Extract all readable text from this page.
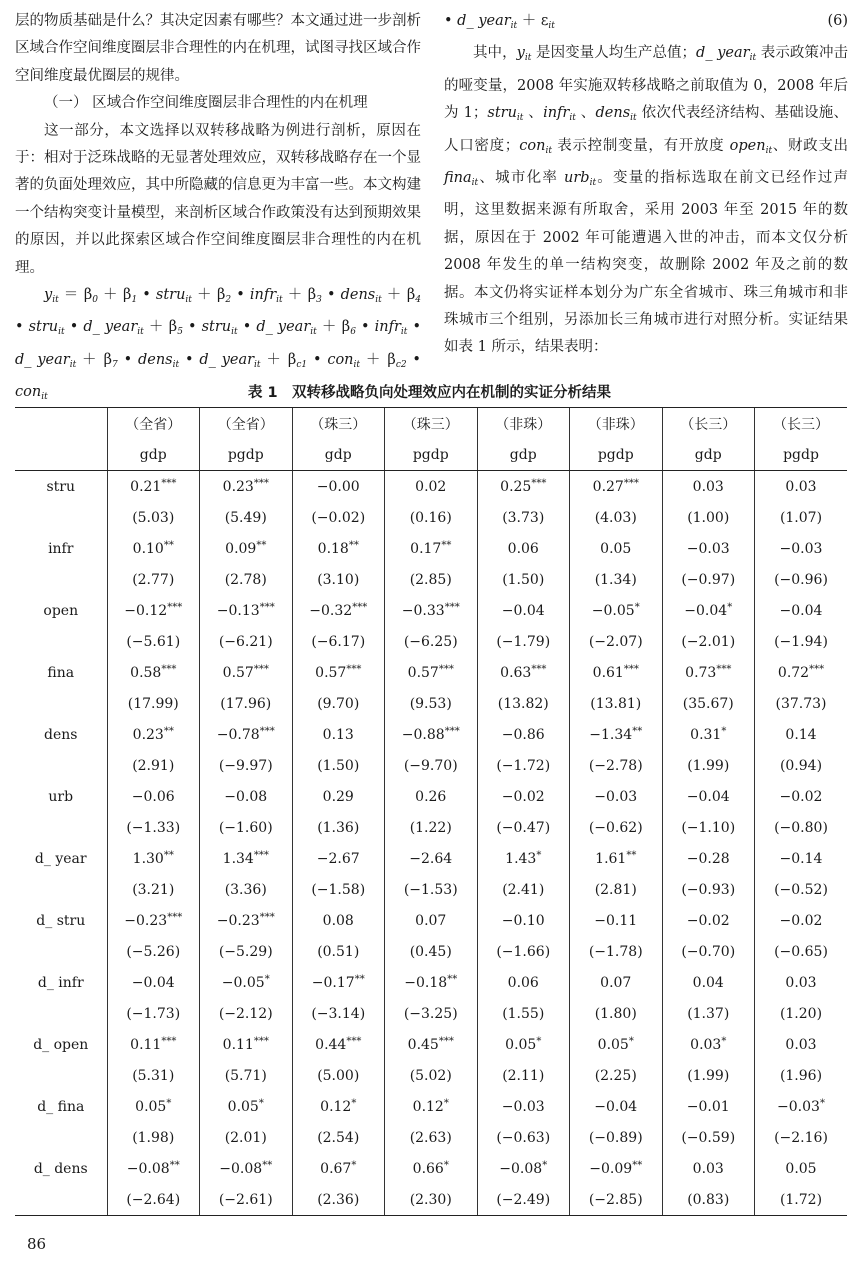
层的物质基础是什么？其决定因素有哪些？本文通过进一步剖析区域合作空间维度圈层非合理性的内在机理，试图寻找区域合作空间维度最优圈层的规律。

（一） 区域合作空间维度圈层非合理性的内在机理

这一部分，本文选择以双转移战略为例进行剖析，原因在于：相对于泛珠战略的无显著处理效应，双转移战略存在一个显著的负面处理效应，其中所隐藏的信息更为丰富一些。本文构建一个结构突变计量模型，来剖析区域合作政策没有达到预期效果的原因，并以此探索区域合作空间维度圈层非合理性的内在机理。

$y_{it} = \beta_0 + \beta_1$ • stru$_{it}$ ＋ $\beta_2$ • infr$_{it}$ ＋ $\beta_3$ • dens$_{it}$ ＋ $\beta_4$ • stru$_{it}$ • d_ year$_{it}$ ＋ $\beta_5$ • stru$_{it}$ • d_ year$_{it}$ ＋ $\beta_6$ • infr$_{it}$ • d_ year$_{it}$ ＋ $\beta_7$ • dens$_{it}$ • d_ year$_{it}$ ＋ $\beta_{c1}$ • $con_{it} + \beta_{c2}$ • con$_{it}$
• d_ year$_{it}$ ＋ $\varepsilon_{it}$	(6)

其中，$y_{it}$ 是因变量人均生产总值；d_ year$_{it}$ 表示政策冲击的哑变量，2008 年实施双转移战略之前取值为 0，2008 年后为 1；stru$_{it}$ 、infr$_{it}$ 、dens$_{it}$ 依次代表经济结构、基础设施、人口密度；con$_{it}$ 表示控制变量，有开放度 open$_{it}$、财政支出 fina$_{it}$、城市化率 urb$_{it}$。变量的指标选取在前文已经作过声明，这里数据来源有所取舍，采用 2003 年至 2015 年的数据，原因在于 2002 年可能遭遇入世的冲击，而本文仅分析 2008 年发生的单一结构突变，故删除 2002 年及之前的数据。本文仍将实证样本划分为广东全省城市、珠三角城市和非珠城市三个组别，另添加长三角城市进行对照分析。实证结果如表 1 所示，结果表明：

表 1　双转移战略负向处理效应内在机制的实证分析结果
	（全省）	（全省）	（珠三）	（珠三）	（非珠）	（非珠）	（长三）	（长三）
	gdp	pgdp	gdp	pgdp	gdp	pgdp	gdp	pgdp
stru	0.21***	0.23***	−0.00	0.02	0.25***	0.27***	0.03	0.03
	(5.03)	(5.49)	(−0.02)	(0.16)	(3.73)	(4.03)	(1.00)	(1.07)
infr	0.10**	0.09**	0.18**	0.17**	0.06	0.05	−0.03	−0.03
	(2.77)	(2.78)	(3.10)	(2.85)	(1.50)	(1.34)	(−0.97)	(−0.96)
open	−0.12***	−0.13***	−0.32***	−0.33***	−0.04	−0.05*	−0.04*	−0.04
	(−5.61)	(−6.21)	(−6.17)	(−6.25)	(−1.79)	(−2.07)	(−2.01)	(−1.94)
fina	0.58***	0.57***	0.57***	0.57***	0.63***	0.61***	0.73***	0.72***
	(17.99)	(17.96)	(9.70)	(9.53)	(13.82)	(13.81)	(35.67)	(37.73)
dens	0.23**	−0.78***	0.13	−0.88***	−0.86	−1.34**	0.31*	0.14
	(2.91)	(−9.97)	(1.50)	(−9.70)	(−1.72)	(−2.78)	(1.99)	(0.94)
urb	−0.06	−0.08	0.29	0.26	−0.02	−0.03	−0.04	−0.02
	(−1.33)	(−1.60)	(1.36)	(1.22)	(−0.47)	(−0.62)	(−1.10)	(−0.80)
d_ year	1.30**	1.34***	−2.67	−2.64	1.43*	1.61**	−0.28	−0.14
	(3.21)	(3.36)	(−1.58)	(−1.53)	(2.41)	(2.81)	(−0.93)	(−0.52)
d_ stru	−0.23***	−0.23***	0.08	0.07	−0.10	−0.11	−0.02	−0.02
	(−5.26)	(−5.29)	(0.51)	(0.45)	(−1.66)	(−1.78)	(−0.70)	(−0.65)
d_ infr	−0.04	−0.05*	−0.17**	−0.18**	0.06	0.07	0.04	0.03
	(−1.73)	(−2.12)	(−3.14)	(−3.25)	(1.55)	(1.80)	(1.37)	(1.20)
d_ open	0.11***	0.11***	0.44***	0.45***	0.05*	0.05*	0.03*	0.03
	(5.31)	(5.71)	(5.00)	(5.02)	(2.11)	(2.25)	(1.99)	(1.96)
d_ fina	0.05*	0.05*	0.12*	0.12*	−0.03	−0.04	−0.01	−0.03*
	(1.98)	(2.01)	(2.54)	(2.63)	(−0.63)	(−0.89)	(−0.59)	(−2.16)
d_ dens	−0.08**	−0.08**	0.67*	0.66*	−0.08*	−0.09**	0.03	0.05
	(−2.64)	(−2.61)	(2.36)	(2.30)	(−2.49)	(−2.85)	(0.83)	(1.72)
86
